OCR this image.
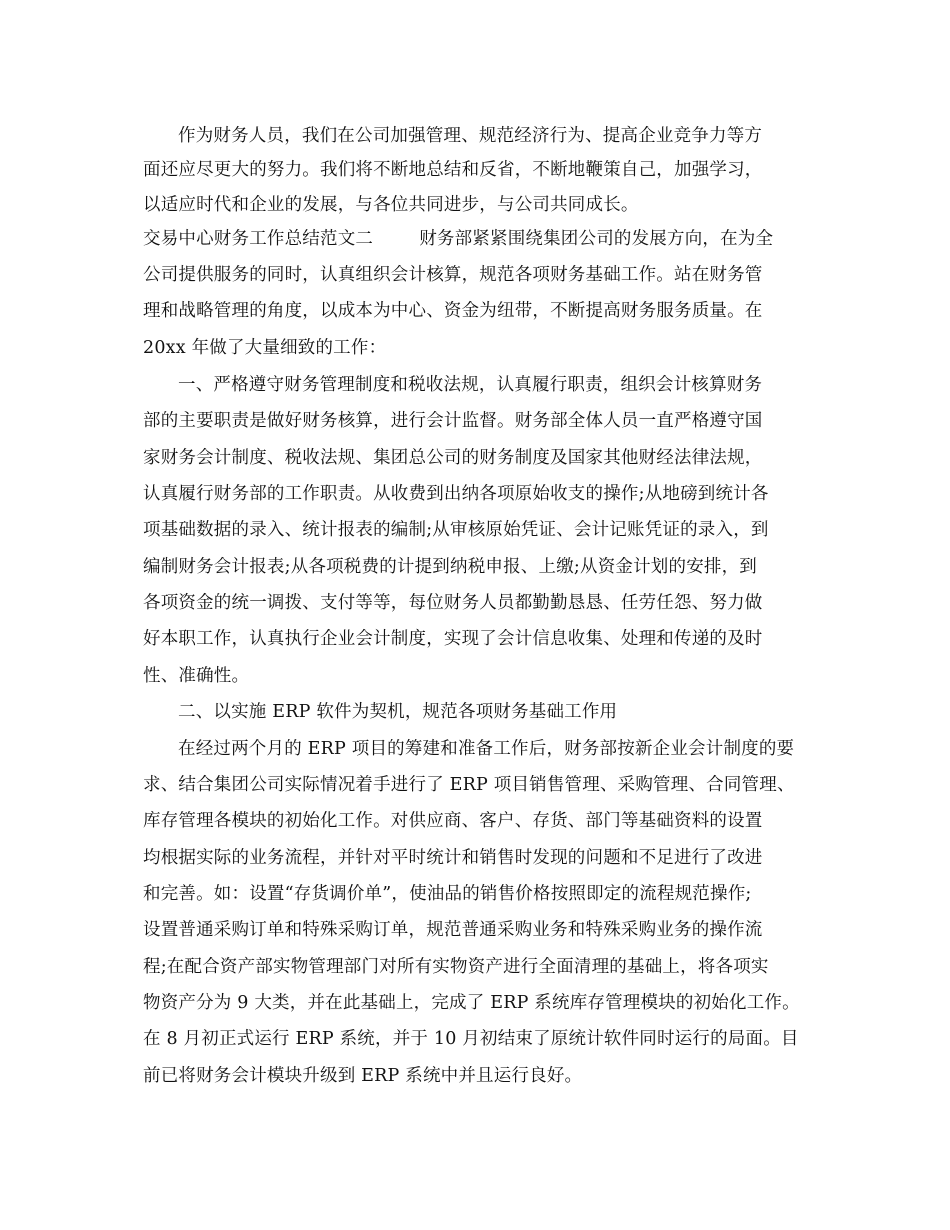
作为财务人员，我们在公司加强管理、规范经济行为、提高企业竞争力等方
面还应尽更大的努力。我们将不断地总结和反省，不断地鞭策自己，加强学习，
以适应时代和企业的发展，与各位共同进步，与公司共同成长。
交易中心财务工作总结范文二        财务部紧紧围绕集团公司的发展方向，在为全
公司提供服务的同时，认真组织会计核算，规范各项财务基础工作。站在财务管
理和战略管理的角度，以成本为中心、资金为纽带，不断提高财务服务质量。在
20xx 年做了大量细致的工作：
一、严格遵守财务管理制度和税收法规，认真履行职责，组织会计核算财务
部的主要职责是做好财务核算，进行会计监督。财务部全体人员一直严格遵守国
家财务会计制度、税收法规、集团总公司的财务制度及国家其他财经法律法规，
认真履行财务部的工作职责。从收费到出纳各项原始收支的操作;从地磅到统计各
项基础数据的录入、统计报表的编制;从审核原始凭证、会计记账凭证的录入，到
编制财务会计报表;从各项税费的计提到纳税申报、上缴;从资金计划的安排，到
各项资金的统一调拨、支付等等，每位财务人员都勤勤恳恳、任劳任怨、努力做
好本职工作，认真执行企业会计制度，实现了会计信息收集、处理和传递的及时
性、准确性。
二、以实施 ERP 软件为契机，规范各项财务基础工作用
在经过两个月的 ERP 项目的筹建和准备工作后，财务部按新企业会计制度的要
求、结合集团公司实际情况着手进行了 ERP 项目销售管理、采购管理、合同管理、
库存管理各模块的初始化工作。对供应商、客户、存货、部门等基础资料的设置
均根据实际的业务流程，并针对平时统计和销售时发现的问题和不足进行了改进
和完善。如：设置“存货调价单”，使油品的销售价格按照即定的流程规范操作;
设置普通采购订单和特殊采购订单，规范普通采购业务和特殊采购业务的操作流
程;在配合资产部实物管理部门对所有实物资产进行全面清理的基础上，将各项实
物资产分为 9 大类，并在此基础上，完成了 ERP 系统库存管理模块的初始化工作。
在 8 月初正式运行 ERP 系统，并于 10 月初结束了原统计软件同时运行的局面。目
前已将财务会计模块升级到 ERP 系统中并且运行良好。
